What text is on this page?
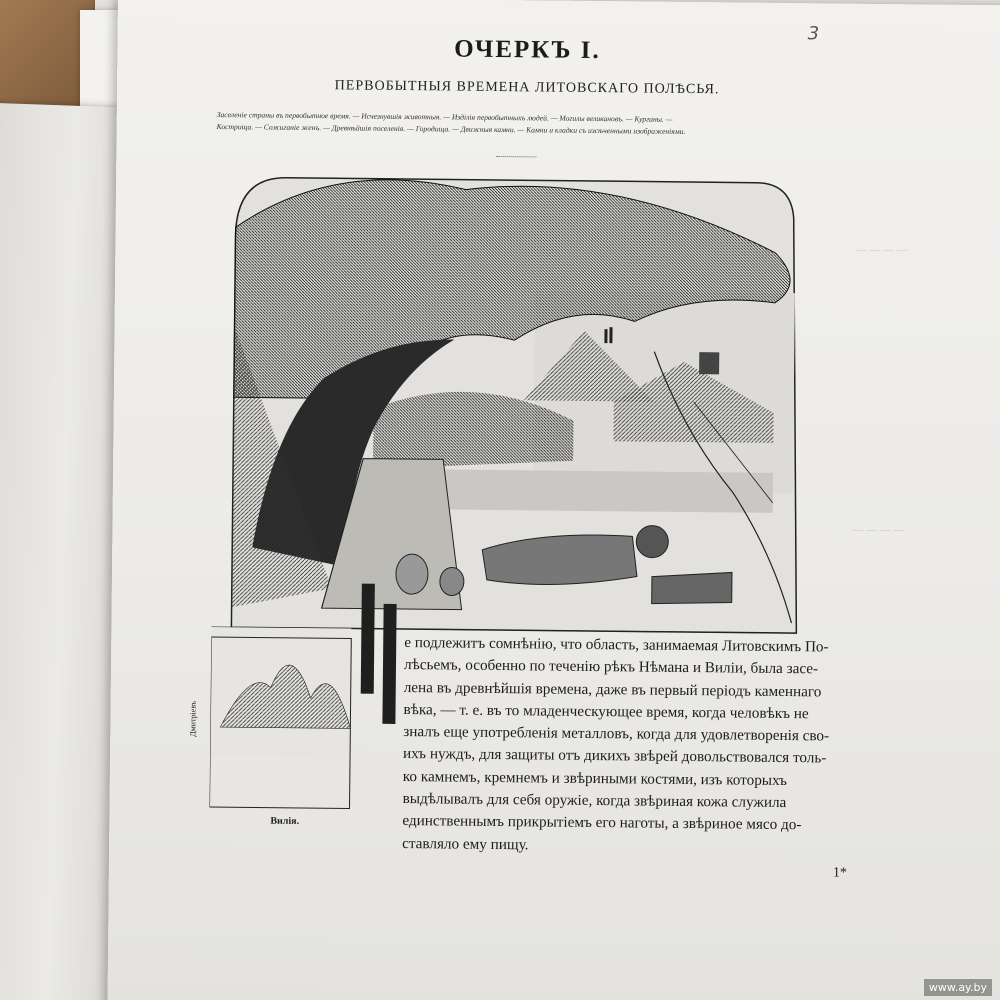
3
ОЧЕРКЪ I.
ПЕРВОБЫТНЫЯ ВРЕМЕНА ЛИТОВСКАГО ПОЛѢСЬЯ.
Заселеніе страны въ первобытное время. — Исчезнувшія животныя. — Изділія первобытныхъ людей. — Могилы великановъ. — Курганы. —
Кострища. — Сожиганіе женъ. — Древнѣйшія поселенія. — Городища. — Движныя камни. — Камни и кладки съ изсѣченными изображеніями.
— — — —
— — — —
Дмитріевъ
Вилія.
е подлежитъ сомнѣнію, что область, занимаемая Литовскимъ По-
лѣсьемъ, особенно по теченію рѣкъ Нѣмана и Виліи, была засе-
лена въ древнѣйшія времена, даже въ первый періодъ каменнаго
вѣка, — т. е. въ то младенческующее время, когда человѣкъ не
зналъ еще употребленія металловъ, когда для удовлетворенія сво-
ихъ нуждъ, для защиты отъ дикихъ звѣрей довольствовался толь-
ко камнемъ, кремнемъ и звѣриными костями, изъ которыхъ
выдѣлывалъ для себя оружіе, когда звѣриная кожа служила
единственнымъ прикрытіемъ его наготы, а звѣриное мясо до-
ставляло ему пищу.
1*
www.ay.by
